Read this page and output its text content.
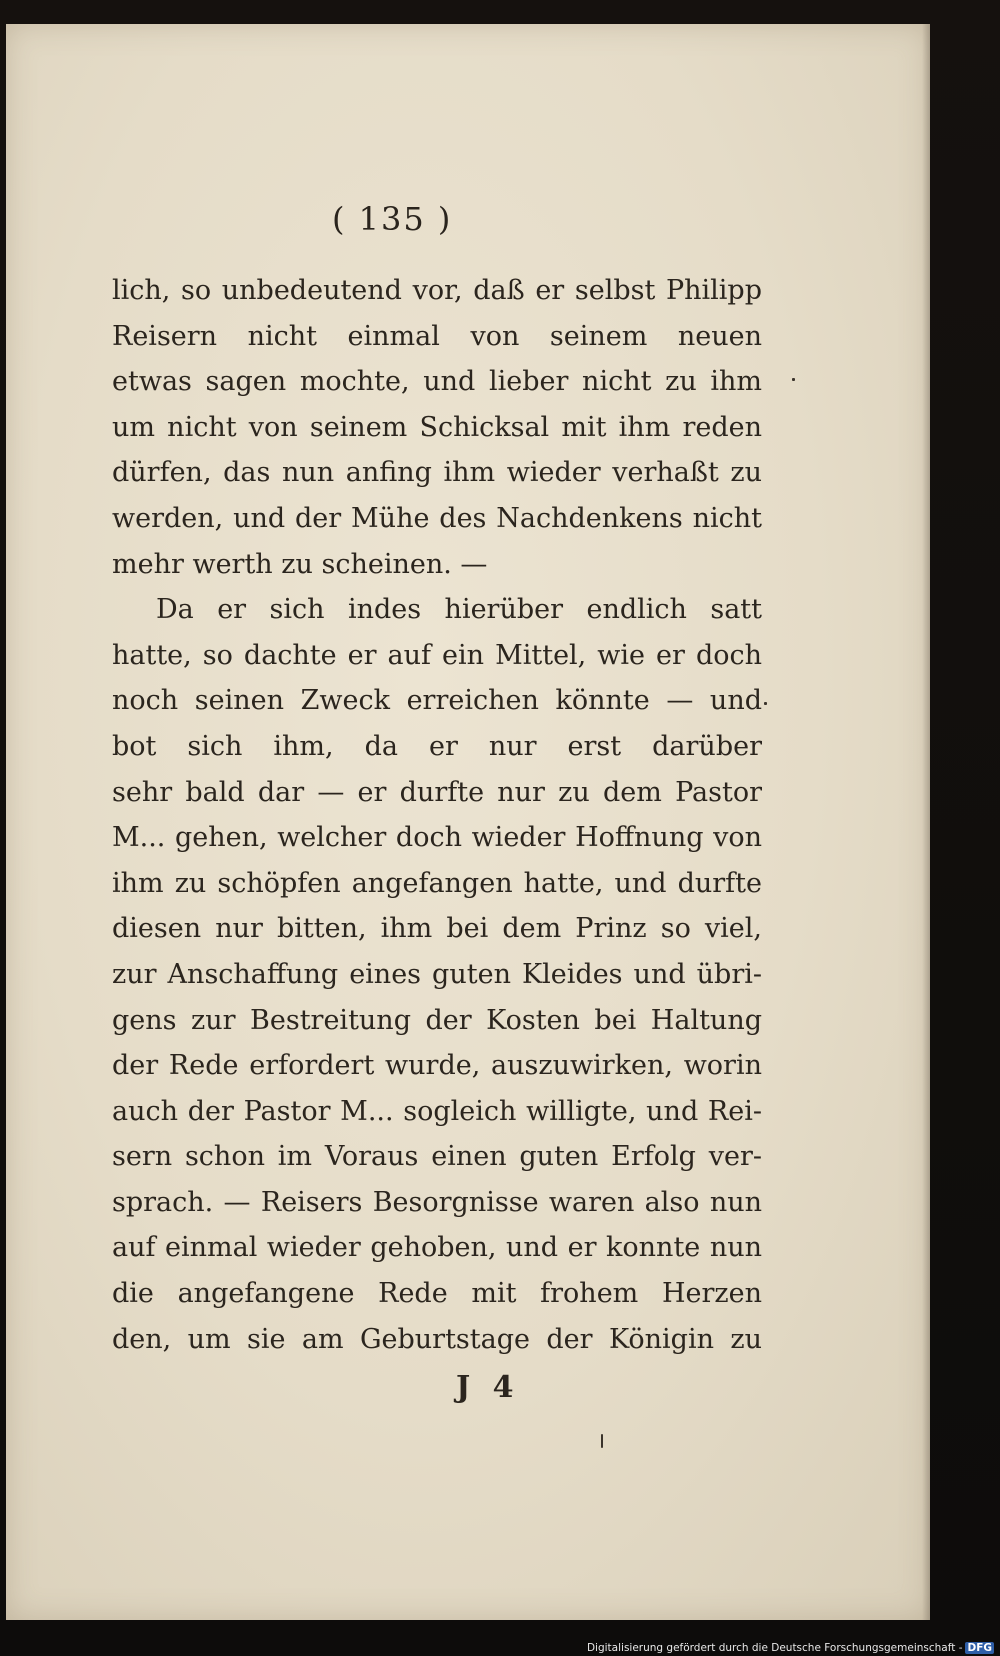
( 135 )
lich, so unbedeutend vor, daß er selbst Philipp
Reisern nicht einmal von seinem neuen
etwas sagen mochte, und lieber nicht zu ihm
um nicht von seinem Schicksal mit ihm reden
dürfen, das nun anfing ihm wieder verhaßt zu
werden, und der Mühe des Nachdenkens nicht
mehr werth zu scheinen. —
Da er sich indes hierüber endlich satt
hatte, so dachte er auf ein Mittel, wie er doch
noch seinen Zweck erreichen könnte — und
bot sich ihm, da er nur erst darüber
sehr bald dar — er durfte nur zu dem Pastor
M... gehen, welcher doch wieder Hoffnung von
ihm zu schöpfen angefangen hatte, und durfte
diesen nur bitten, ihm bei dem Prinz so viel,
zur Anschaffung eines guten Kleides und übri-
gens zur Bestreitung der Kosten bei Haltung
der Rede erfordert wurde, auszuwirken, worin
auch der Pastor M... sogleich willigte, und Rei-
sern schon im Voraus einen guten Erfolg ver-
sprach. — Reisers Besorgnisse waren also nun
auf einmal wieder gehoben, und er konnte nun
die angefangene Rede mit frohem Herzen
den, um sie am Geburtstage der Königin zu
J 4
Digitalisierung gefördert durch die Deutsche Forschungsgemeinschaft - DFG
